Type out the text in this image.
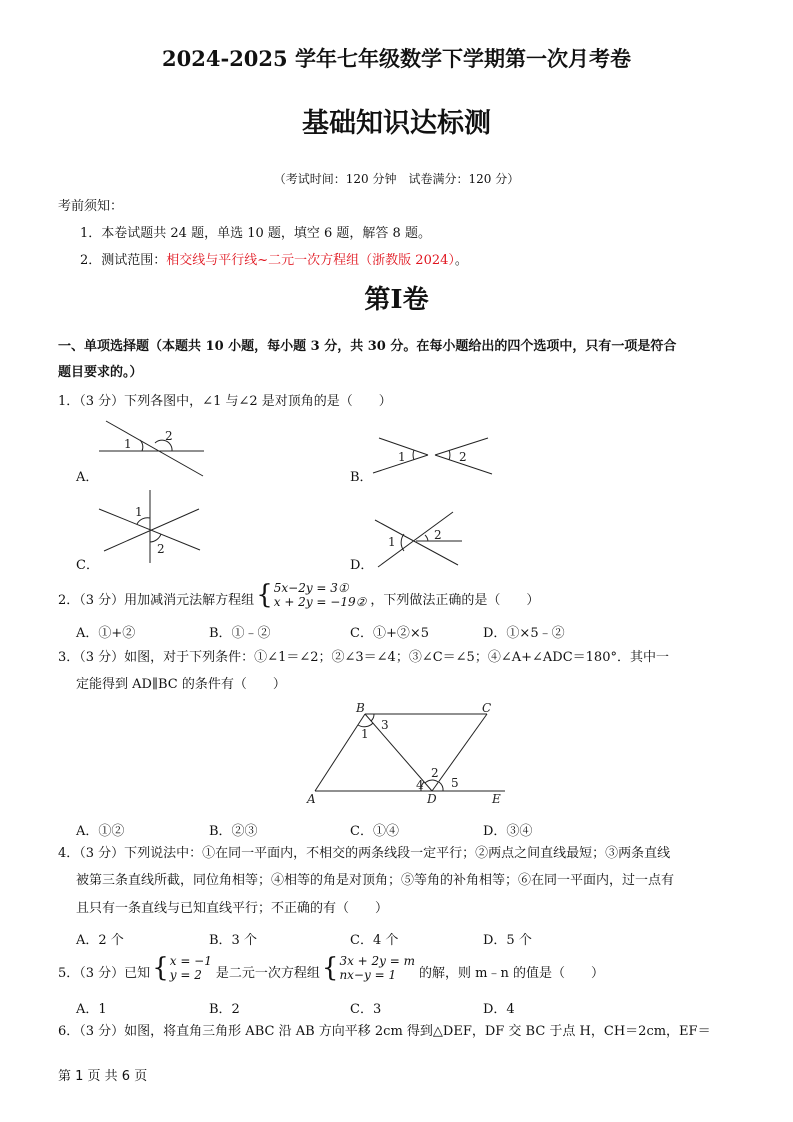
2024-2025 学年七年级数学下学期第一次月考卷
基础知识达标测
（考试时间：120 分钟　试卷满分：120 分）
考前须知：
1．本卷试题共 24 题，单选 10 题，填空 6 题，解答 8 题。
2．测试范围：相交线与平行线~二元一次方程组（浙教版 2024）。
第I卷
一、单项选择题（本题共 10 小题，每小题 3 分，共 30 分。在每小题给出的四个选项中，只有一项是符合
题目要求的。）
1．（3 分）下列各图中，∠1 与∠2 是对顶角的是（　　）
A．	B．
C．	D．
1
2
1	2
1
2	1	2
B	C
A	D	E
1
2
3
4 5
2．（3 分）用加减消元法解方程组 { 5x−2y = 3①
x + 2y = −19② ，下列做法正确的是（　　）
A．①+②	B．①﹣②	C．①+②×5	D．①×5﹣②
3．（3 分）如图，对于下列条件：①∠1＝∠2；②∠3＝∠4；③∠C＝∠5；④∠A+∠ADC＝180°．其中一
定能得到 AD∥BC 的条件有（　　）
A．①②	B．②③	C．①④	D．③④
4．（3 分）下列说法中：①在同一平面内，不相交的两条线段一定平行；②两点之间直线最短；③两条直线
被第三条直线所截，同位角相等；④相等的角是对顶角；⑤等角的补角相等；⑥在同一平面内，过一点有
且只有一条直线与已知直线平行；不正确的有（　　）
A．2 个	B．3 个	C．4 个	D．5 个
5．（3 分）已知 { x = −1
y = 2	是二元一次方程组 { 3x + 2y = m
nx−y = 1	的解，则 m﹣n 的值是（　　）
A．1	B．2	C．3	D．4
6．（3 分）如图，将直角三角形 ABC 沿 AB 方向平移 2cm 得到△DEF，DF 交 BC 于点 H，CH＝2cm，EF＝
第 1 页 共 6 页
